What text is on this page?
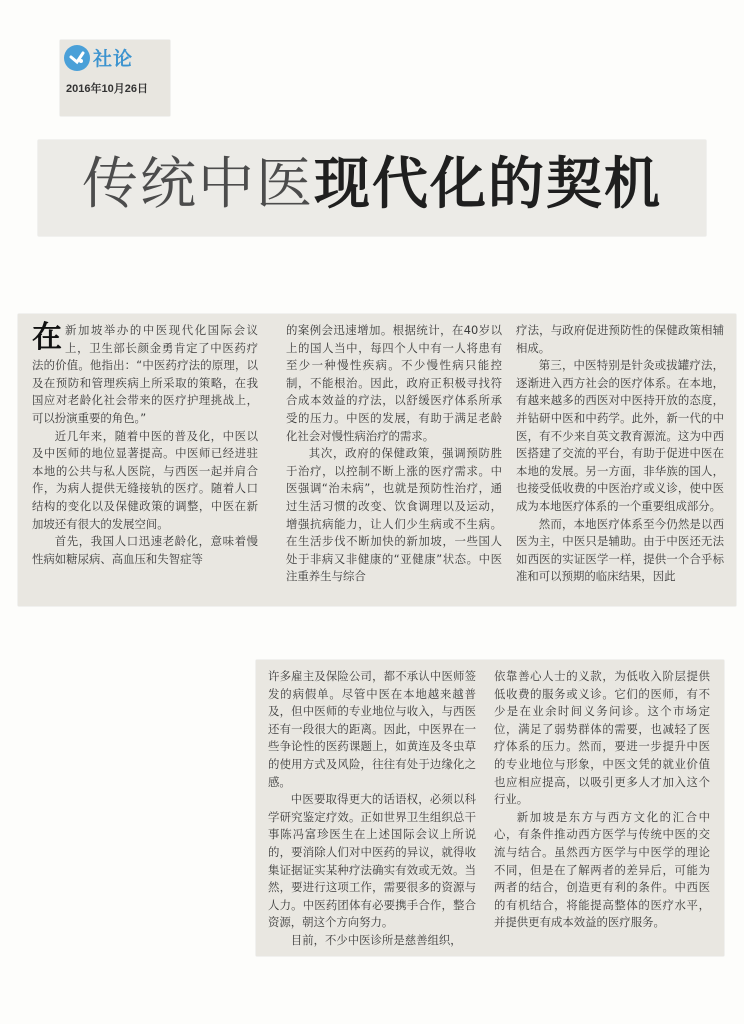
社论
2016年10月26日
传统中医现代化的契机

在新加坡举办的中医现代化国际会议上，卫生部长颜金勇肯定了中医药疗法的价值。他指出：“中医药疗法的原理，以及在预防和管理疾病上所采取的策略，在我国应对老龄化社会带来的医疗护理挑战上，可以扮演重要的角色。”

近几年来，随着中医的普及化，中医以及中医师的地位显著提高。中医师已经进驻本地的公共与私人医院，与西医一起并肩合作，为病人提供无缝接轨的医疗。随着人口结构的变化以及保健政策的调整，中医在新加坡还有很大的发展空间。

首先，我国人口迅速老龄化，意味着慢性病如糖尿病、高血压和失智症等

的案例会迅速增加。根据统计，在40岁以上的国人当中，每四个人中有一人将患有至少一种慢性疾病。不少慢性病只能控制，不能根治。因此，政府正积极寻找符合成本效益的疗法，以舒缓医疗体系所承受的压力。中医的发展，有助于满足老龄化社会对慢性病治疗的需求。

其次，政府的保健政策，强调预防胜于治疗，以控制不断上涨的医疗需求。中医强调“治未病”，也就是预防性治疗，通过生活习惯的改变、饮食调理以及运动，增强抗病能力，让人们少生病或不生病。在生活步伐不断加快的新加坡，一些国人处于非病又非健康的“亚健康”状态。中医注重养生与综合

疗法，与政府促进预防性的保健政策相辅相成。

第三，中医特别是针灸或拔罐疗法，逐渐进入西方社会的医疗体系。在本地，有越来越多的西医对中医持开放的态度，并钻研中医和中药学。此外，新一代的中医，有不少来自英文教育源流。这为中西医搭建了交流的平台，有助于促进中医在本地的发展。另一方面，非华族的国人，也接受低收费的中医治疗或义诊，使中医成为本地医疗体系的一个重要组成部分。

然而，本地医疗体系至今仍然是以西医为主，中医只是辅助。由于中医还无法如西医的实证医学一样，提供一个合乎标准和可以预期的临床结果，因此

许多雇主及保险公司，都不承认中医师签发的病假单。尽管中医在本地越来越普及，但中医师的专业地位与收入，与西医还有一段很大的距离。因此，中医界在一些争论性的医药课题上，如黄连及冬虫草的使用方式及风险，往往有处于边缘化之感。

中医要取得更大的话语权，必须以科学研究鉴定疗效。正如世界卫生组织总干事陈冯富珍医生在上述国际会议上所说的，要消除人们对中医药的异议，就得收集证据证实某种疗法确实有效或无效。当然，要进行这项工作，需要很多的资源与人力。中医药团体有必要携手合作，整合资源，朝这个方向努力。

目前，不少中医诊所是慈善组织，

依靠善心人士的义款，为低收入阶层提供低收费的服务或义诊。它们的医师，有不少是在业余时间义务问诊。这个市场定位，满足了弱势群体的需要，也减轻了医疗体系的压力。然而，要进一步提升中医的专业地位与形象，中医文凭的就业价值也应相应提高，以吸引更多人才加入这个行业。

新加坡是东方与西方文化的汇合中心，有条件推动西方医学与传统中医的交流与结合。虽然西方医学与中医学的理论不同，但是在了解两者的差异后，可能为两者的结合，创造更有利的条件。中西医的有机结合，将能提高整体的医疗水平，并提供更有成本效益的医疗服务。
